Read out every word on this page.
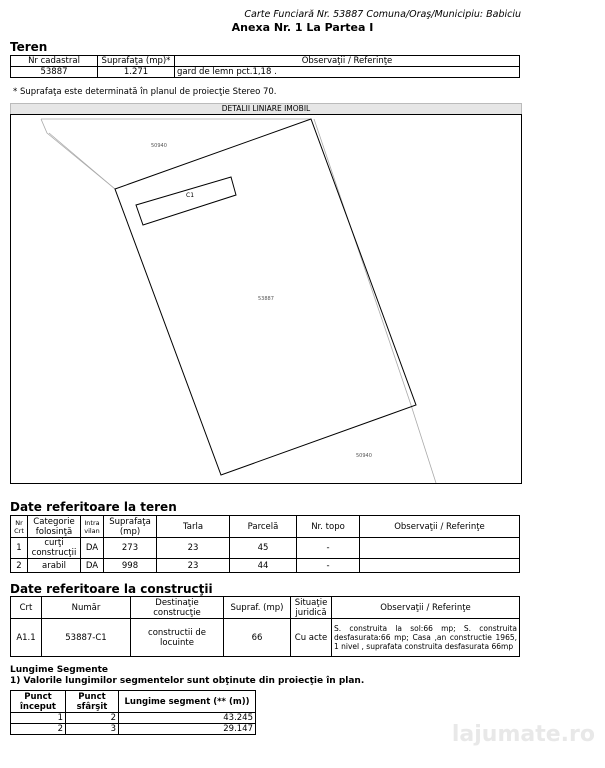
Carte Funciară Nr. 53887 Comuna/Oraş/Municipiu: Babiciu
Anexa Nr. 1 La Partea I
Teren
Nr cadastral	Suprafaţa (mp)*	Observaţii / Referinţe
53887	1.271	gard de lemn pct.1,18 .
* Suprafaţa este determinată în planul de proiecţie Stereo 70.
DETALII LINIARE IMOBIL
50940
C1
53887
50940
Date referitoare la teren
Nr Crt	Categorie folosinţă	Intra vilan	Suprafaţa (mp)	Tarla	Parcelă	Nr. topo	Observaţii / Referinţe
1	curţi construcţii	DA	273	23	45	-	
2	arabil	DA	998	23	44	-	
Date referitoare la construcţii
Crt	Număr	Destinaţie construcţie	Supraf. (mp)	Situaţie juridică	Observaţii / Referinţe
A1.1	53887-C1	constructii de locuinte	66	Cu acte	S. construita la sol:66 mp; S. construita desfasurata:66 mp; Casa ,an constructie 1965, 1 nivel , suprafata construita desfasurata 66mp
Lungime Segmente
1) Valorile lungimilor segmentelor sunt obţinute din proiecţie în plan.
Punct început	Punct sfârşit	Lungime segment (** (m))
1	2	43.245
2	3	29.147	lajumate.ro
